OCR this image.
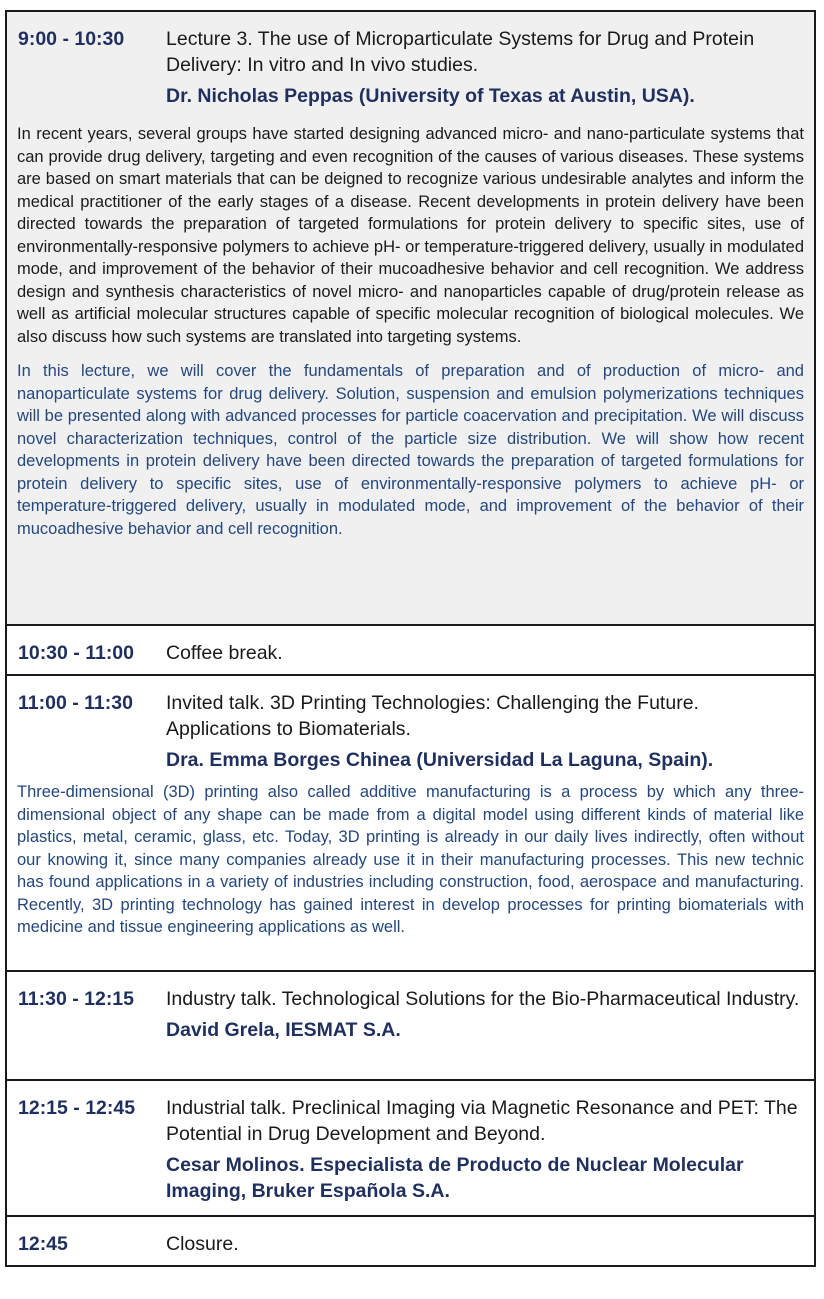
9:00 - 10:30 Lecture 3. The use of Microparticulate Systems for Drug and Protein Delivery: In vitro and In vivo studies.
Dr. Nicholas Peppas (University of Texas at Austin, USA).
In recent years, several groups have started designing advanced micro- and nano-particulate systems that can provide drug delivery, targeting and even recognition of the causes of various diseases. These systems are based on smart materials that can be deigned to recognize various undesirable analytes and inform the medical practitioner of the early stages of a disease. Recent developments in protein delivery have been directed towards the preparation of targeted formulations for protein delivery to specific sites, use of environmentally-responsive polymers to achieve pH- or temperature-triggered delivery, usually in modulated mode, and improvement of the behavior of their mucoadhesive behavior and cell recognition. We address design and synthesis characteristics of novel micro- and nanoparticles capable of drug/protein release as well as artificial molecular structures capable of specific molecular recognition of biological molecules. We also discuss how such systems are translated into targeting systems.
In this lecture, we will cover the fundamentals of preparation and of production of micro- and nanoparticulate systems for drug delivery. Solution, suspension and emulsion polymerizations techniques will be presented along with advanced processes for particle coacervation and precipitation. We will discuss novel characterization techniques, control of the particle size distribution. We will show how recent developments in protein delivery have been directed towards the preparation of targeted formulations for protein delivery to specific sites, use of environmentally-responsive polymers to achieve pH- or temperature-triggered delivery, usually in modulated mode, and improvement of the behavior of their mucoadhesive behavior and cell recognition.
10:30 - 11:00 Coffee break.
11:00 - 11:30 Invited talk. 3D Printing Technologies: Challenging the Future. Applications to Biomaterials.
Dra. Emma Borges Chinea (Universidad La Laguna, Spain).
Three-dimensional (3D) printing also called additive manufacturing is a process by which any three-dimensional object of any shape can be made from a digital model using different kinds of material like plastics, metal, ceramic, glass, etc. Today, 3D printing is already in our daily lives indirectly, often without our knowing it, since many companies already use it in their manufacturing processes. This new technic has found applications in a variety of industries including construction, food, aerospace and manufacturing. Recently, 3D printing technology has gained interest in develop processes for printing biomaterials with medicine and tissue engineering applications as well.
11:30 - 12:15 Industry talk. Technological Solutions for the Bio-Pharmaceutical Industry.
David Grela, IESMAT S.A.
12:15 - 12:45 Industrial talk. Preclinical Imaging via Magnetic Resonance and PET: The Potential in Drug Development and Beyond.
Cesar Molinos. Especialista de Producto de Nuclear Molecular Imaging, Bruker Española S.A.
12:45	Closure.
